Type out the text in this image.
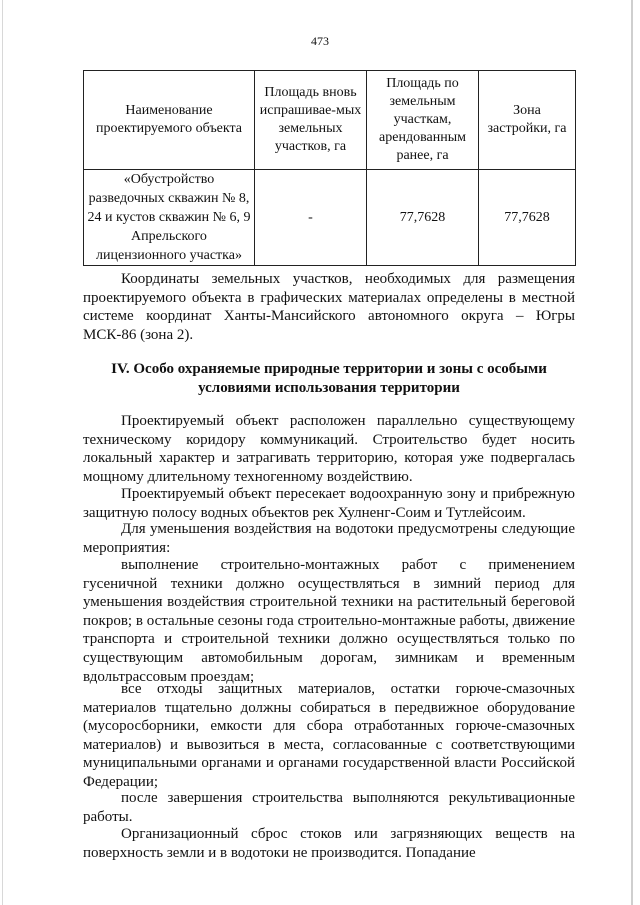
473
Наименование проектируемого объекта	Площадь вновь испрашивае-мых земельных участков, га	Площадь по земельным участкам, арендованным ранее, га	Зона застройки, га
«Обустройство разведочных скважин № 8, 24 и кустов скважин № 6, 9 Апрельского лицензионного участка»	-	77,7628	77,7628

Координаты земельных участков, необходимых для размещения проектируемого объекта в графических материалах определены в местной системе координат Ханты-Мансийского автономного округа – Югры МСК-86 (зона 2).

IV. Особо охраняемые природные территории и зоны с особыми
условиями использования территории

Проектируемый объект расположен параллельно существующему техническому коридору коммуникаций. Строительство будет носить локальный характер и затрагивать территорию, которая уже подвергалась мощному длительному техногенному воздействию.

Проектируемый объект пересекает водоохранную зону и прибрежную защитную полосу водных объектов рек Хулненг-Соим и Тутлейсоим.

Для уменьшения воздействия на водотоки предусмотрены следующие мероприятия:

выполнение строительно-монтажных работ с применением гусеничной техники должно осуществляться в зимний период для уменьшения воздействия строительной техники на растительный береговой покров; в остальные сезоны года строительно-монтажные работы, движение транспорта и строительной техники должно осуществляться только по существующим автомобильным дорогам, зимникам и временным вдольтрассовым проездам;

все отходы защитных материалов, остатки горюче-смазочных материалов тщательно должны собираться в передвижное оборудование (мусоросборники, емкости для сбора отработанных горюче-смазочных материалов) и вывозиться в места, согласованные с соответствующими муниципальными органами и органами государственной власти Российской Федерации;

после завершения строительства выполняются рекультивационные работы.

Организационный сброс стоков или загрязняющих веществ на поверхность земли и в водотоки не производится. Попадание
